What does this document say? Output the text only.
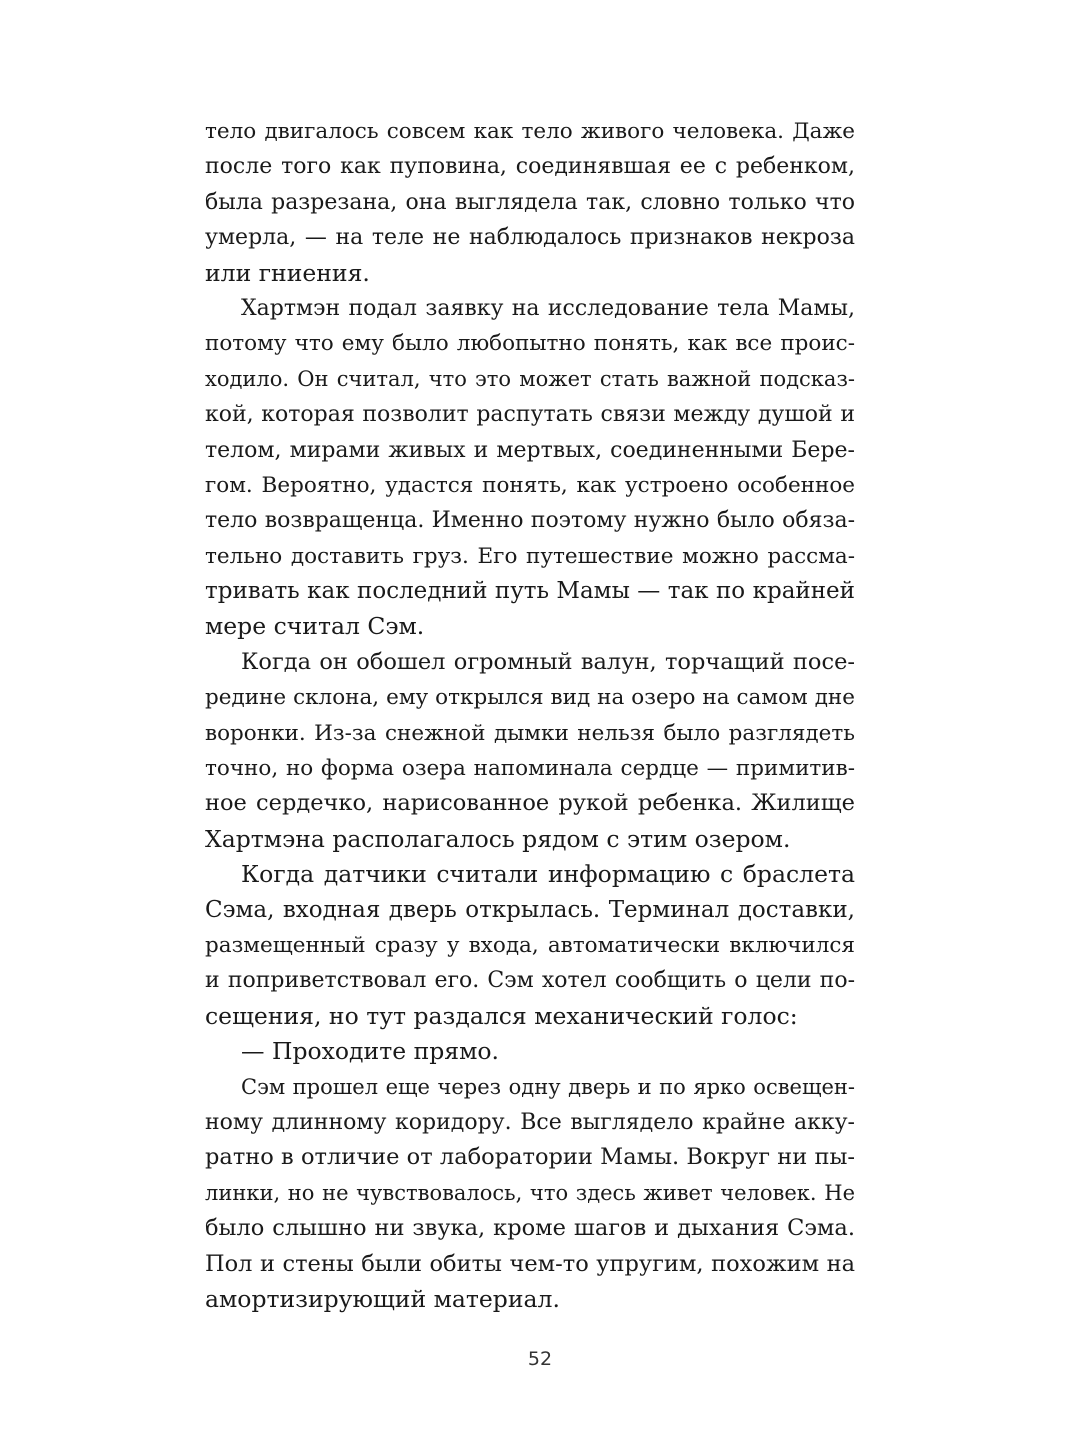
тело двигалось совсем как тело живого человека. Даже
после того как пуповина, соединявшая ее с ребенком,
была разрезана, она выглядела так, словно только что
умерла, — на теле не наблюдалось признаков некроза
или гниения.
Хартмэн подал заявку на исследование тела Мамы,
потому что ему было любопытно понять, как все проис-
ходило. Он считал, что это может стать важной подсказ-
кой, которая позволит распутать связи между душой и
телом, мирами живых и мертвых, соединенными Бере-
гом. Вероятно, удастся понять, как устроено особенное
тело возвращенца. Именно поэтому нужно было обяза-
тельно доставить груз. Его путешествие можно рассма-
тривать как последний путь Мамы — так по крайней
мере считал Сэм.
Когда он обошел огромный валун, торчащий посе-
редине склона, ему открылся вид на озеро на самом дне
воронки. Из-за снежной дымки нельзя было разглядеть
точно, но форма озера напоминала сердце — примитив-
ное сердечко, нарисованное рукой ребенка. Жилище
Хартмэна располагалось рядом с этим озером.
Когда датчики считали информацию с браслета
Сэма, входная дверь открылась. Терминал доставки,
размещенный сразу у входа, автоматически включился
и поприветствовал его. Сэм хотел сообщить о цели по-
сещения, но тут раздался механический голос:
— Проходите прямо.
Сэм прошел еще через одну дверь и по ярко освещен-
ному длинному коридору. Все выглядело крайне акку-
ратно в отличие от лаборатории Мамы. Вокруг ни пы-
линки, но не чувствовалось, что здесь живет человек. Не
было слышно ни звука, кроме шагов и дыхания Сэма.
Пол и стены были обиты чем-то упругим, похожим на
амортизирующий материал.
52
